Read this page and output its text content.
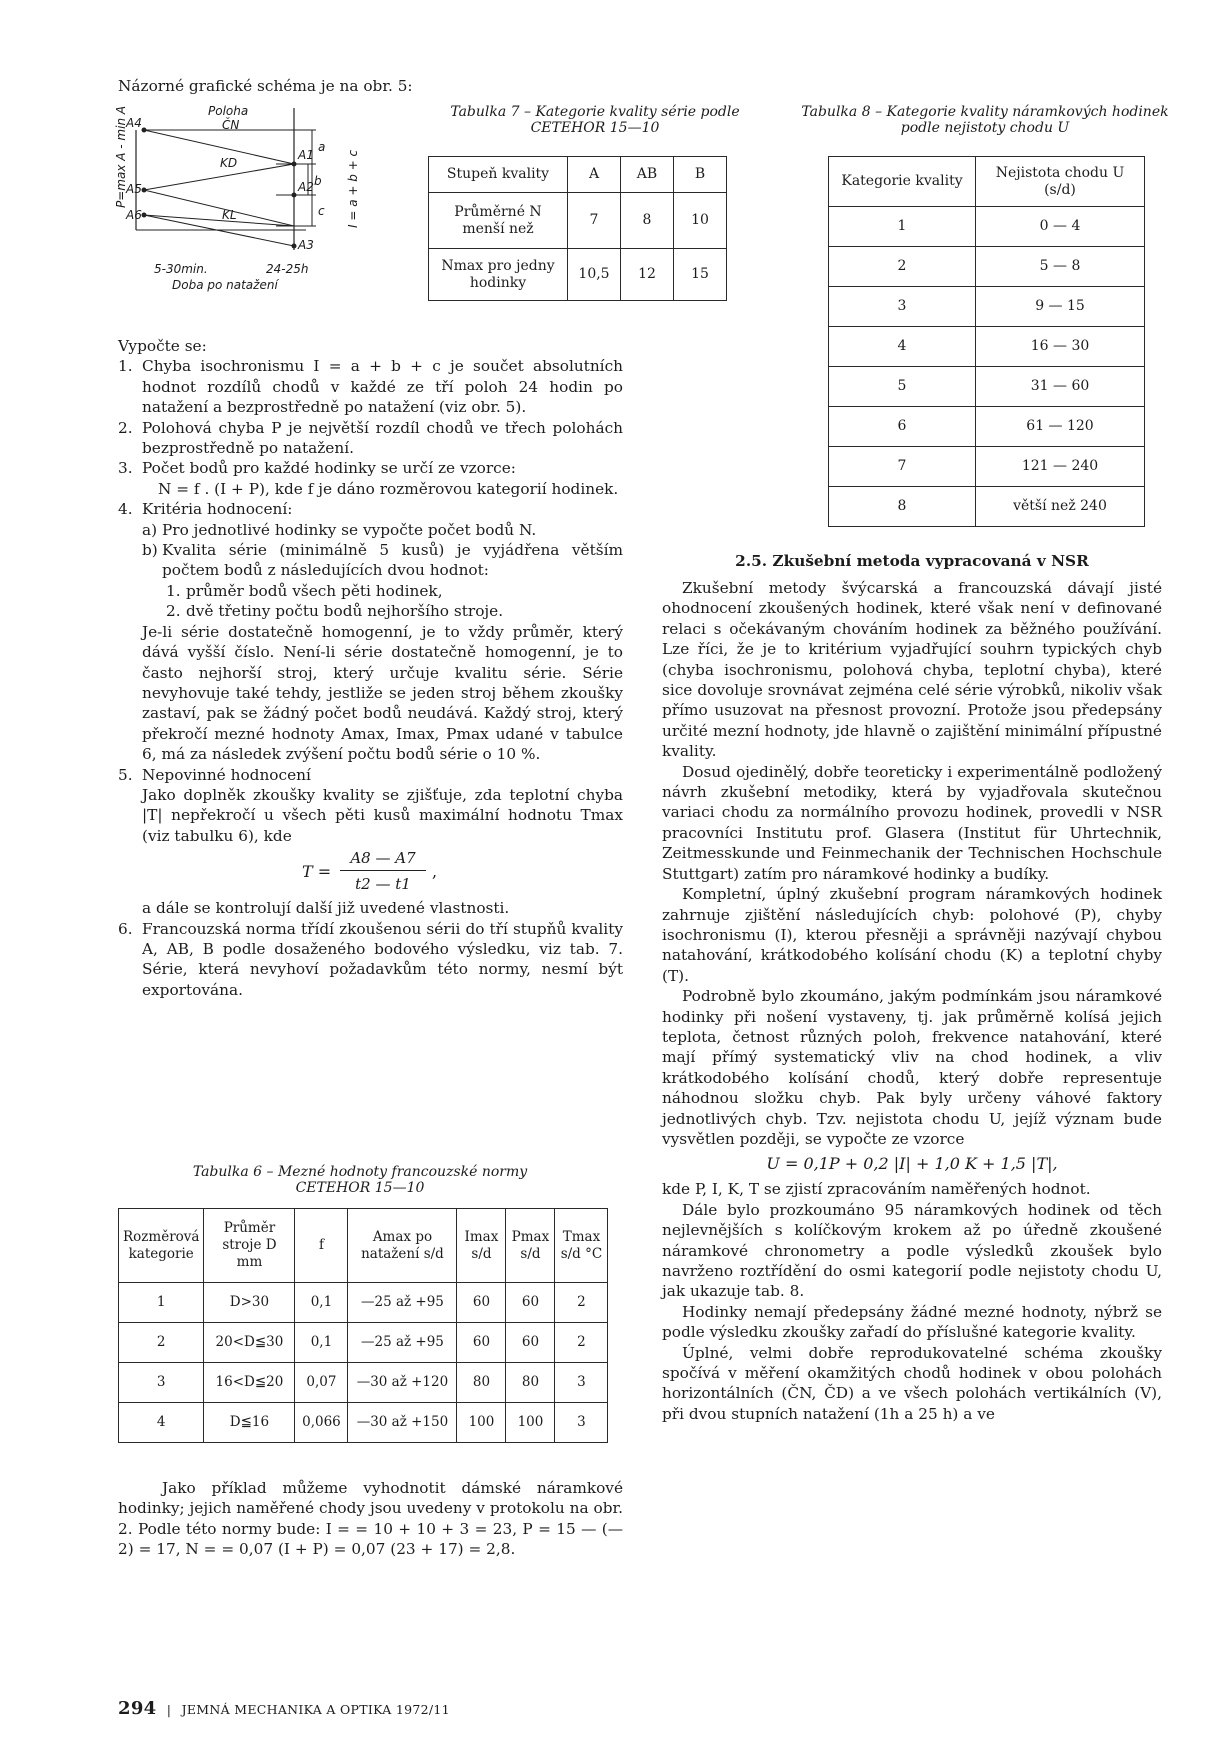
Názorné grafické schéma je na obr. 5:
Poloha
P=max A - min A	I = a + b + c
A4	ČN
A1
KD
A2
A5
A6	KL
A3
a
b
c
5-30min.	24-25h
Doba po natažení
Tabulka 7 – Kategorie kvality série podle CETEHOR 15—10
Stupeň kvality	A	AB	B
Průměrné N menší než	7	8	10
Nmax pro jedny hodinky	10,5	12	15
Tabulka 8 – Kategorie kvality náramkových hodinek podle nejistoty chodu U
Kategorie kvality	Nejistota chodu U (s/d)
1	0 — 4
2	5 — 8
3	9 — 15
4	16 — 30
5	31 — 60
6	61 — 120
7	121 — 240
8	větší než 240

Vypočte se:

1. Chyba isochronismu I = a + b + c je součet absolutních hodnot rozdílů chodů v každé ze tří poloh 24 hodin po natažení a bezprostředně po natažení (viz obr. 5).
2. Polohová chyba P je největší rozdíl chodů ve třech polohách bezprostředně po natažení.
3. Počet bodů pro každé hodinky se určí ze vzorce:
N = f . (I + P), kde f je dáno rozměrovou kategorií hodinek.
4. Kritéria hodnocení:
a) Pro jednotlivé hodinky se vypočte počet bodů N.
b) Kvalita série (minimálně 5 kusů) je vyjádřena větším počtem bodů z následujících dvou hodnot:
1. průměr bodů všech pěti hodinek,
2. dvě třetiny počtu bodů nejhoršího stroje.

Je-li série dostatečně homogenní, je to vždy průměr, který dává vyšší číslo. Není-li série dostatečně homogenní, je to často nejhorší stroj, který určuje kvalitu série. Série nevyhovuje také tehdy, jestliže se jeden stroj během zkoušky zastaví, pak se žádný počet bodů neudává. Každý stroj, který překročí mezné hodnoty Amax, Imax, Pmax udané v tabulce 6, má za následek zvýšení počtu bodů série o 10 %.

5. Nepovinné hodnocení

Jako doplněk zkoušky kvality se zjišťuje, zda teplotní chyba |T| nepřekročí u všech pěti kusů maximální hodnotu Tmax (viz tabulku 6), kde

T =
A8 — A7
t2 — t1
,

a dále se kontrolují další již uvedené vlastnosti.

6. Francouzská norma třídí zkoušenou sérii do tří stupňů kvality A, AB, B podle dosaženého bodového výsledku, viz tab. 7. Série, která nevyhoví požadavkům této normy, nesmí být exportována.
Tabulka 6 – Mezné hodnoty francouzské normy CETEHOR 15—10
Rozměrová kategorie	Průměr stroje D mm	f	Amax po natažení s/d	Imax s/d	Pmax s/d	Tmax s/d °C
1	D>30	0,1	—25 až +95	60	60	2
2	20<D≦30	0,1	—25 až +95	60	60	2
3	16<D≦20	0,07	—30 až +120	80	80	3
4	D≦16	0,066	—30 až +150	100	100	3
Jako příklad můžeme vyhodnotit dámské náramkové hodinky; jejich naměřené chody jsou uvedeny v protokolu na obr. 2. Podle této normy bude: I = = 10 + 10 + 3 = 23, P = 15 — (—2) = 17, N = = 0,07 (I + P) = 0,07 (23 + 17) = 2,8.
2.5. Zkušební metoda vypracovaná v NSR

Zkušební metody švýcarská a francouzská dávají jisté ohodnocení zkoušených hodinek, které však není v definované relaci s očekávaným chováním hodinek za běžného používání. Lze říci, že je to kritérium vyjadřující souhrn typických chyb (chyba isochronismu, polohová chyba, teplotní chyba), které sice dovoluje srovnávat zejména celé série výrobků, nikoliv však přímo usuzovat na přesnost provozní. Protože jsou předepsány určité mezní hodnoty, jde hlavně o zajištění minimální přípustné kvality.

Dosud ojedinělý, dobře teoreticky i experimentálně podložený návrh zkušební metodiky, která by vyjadřovala skutečnou variaci chodu za normálního provozu hodinek, provedli v NSR pracovníci Institutu prof. Glasera (Institut für Uhrtechnik, Zeitmesskunde und Feinmechanik der Technischen Hochschule Stuttgart) zatím pro náramkové hodinky a budíky.

Kompletní, úplný zkušební program náramkových hodinek zahrnuje zjištění následujících chyb: polohové (P), chyby isochronismu (I), kterou přesněji a správněji nazývají chybou natahování, krátkodobého kolísání chodu (K) a teplotní chyby (T).

Podrobně bylo zkoumáno, jakým podmínkám jsou náramkové hodinky při nošení vystaveny, tj. jak průměrně kolísá jejich teplota, četnost různých poloh, frekvence natahování, které mají přímý systematický vliv na chod hodinek, a vliv krátkodobého kolísání chodů, který dobře representuje náhodnou složku chyb. Pak byly určeny váhové faktory jednotlivých chyb. Tzv. nejistota chodu U, jejíž význam bude vysvětlen později, se vypočte ze vzorce

U = 0,1P + 0,2 |I| + 1,0 K + 1,5 |T|,

kde P, I, K, T se zjistí zpracováním naměřených hodnot.

Dále bylo prozkoumáno 95 náramkových hodinek od těch nejlevnějších s kolíčkovým krokem až po úředně zkoušené náramkové chronometry a podle výsledků zkoušek bylo navrženo roztřídění do osmi kategorií podle nejistoty chodu U, jak ukazuje tab. 8.

Hodinky nemají předepsány žádné mezné hodnoty, nýbrž se podle výsledku zkoušky zařadí do příslušné kategorie kvality.

Úplné, velmi dobře reprodukovatelné schéma zkoušky spočívá v měření okamžitých chodů hodinek v obou polohách horizontálních (ČN, ČD) a ve všech polohách vertikálních (V), při dvou stupních natažení (1h a 25 h) a ve

294 | JEMNÁ MECHANIKA A OPTIKA 1972/11
